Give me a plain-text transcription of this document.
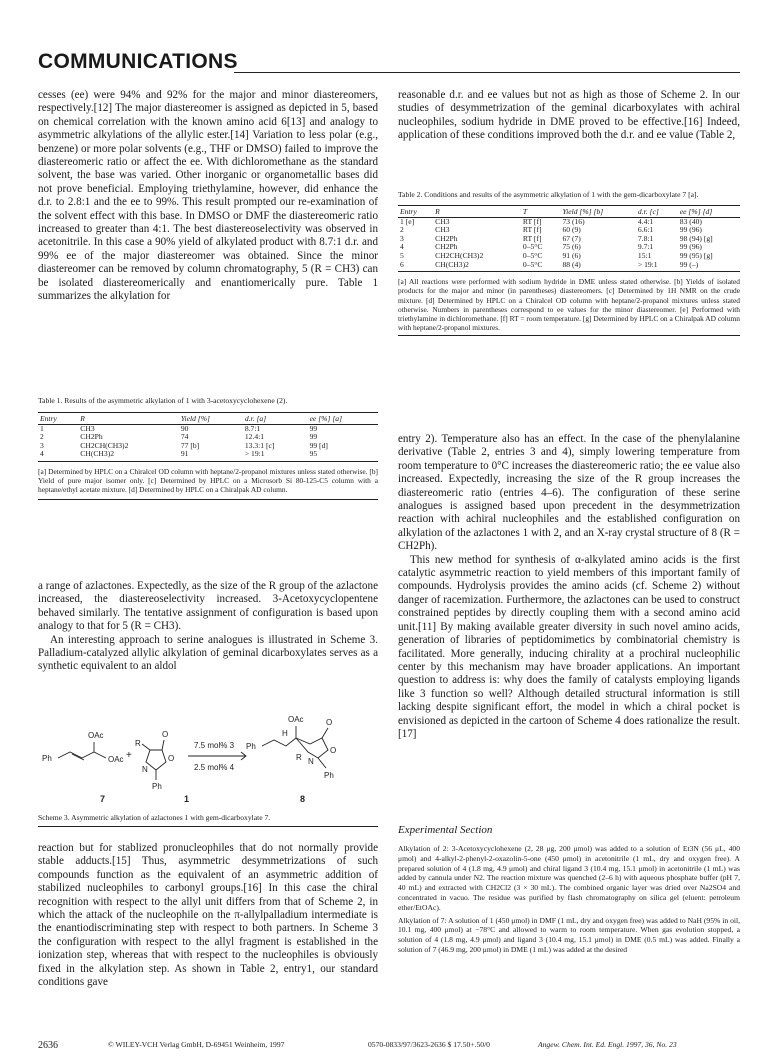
COMMUNICATIONS

cesses (ee) were 94% and 92% for the major and minor diastereomers, respectively.[12] The major diastereomer is assigned as depicted in 5, based on chemical correlation with the known amino acid 6[13] and analogy to asymmetric alkylations of the allylic ester.[14] Variation to less polar (e.g., benzene) or more polar solvents (e.g., THF or DMSO) failed to improve the diastereomeric ratio or affect the ee. With dichloromethane as the standard solvent, the base was varied. Other inorganic or organometallic bases did not prove beneficial. Employing triethylamine, however, did enhance the d.r. to 2.8:1 and the ee to 99%. This result prompted our re-examination of the solvent effect with this base. In DMSO or DMF the diastereomeric ratio increased to greater than 4:1. The best diastereoselectivity was observed in acetonitrile. In this case a 90% yield of alkylated product with 8.7:1 d.r. and 99% ee of the major diastereomer was obtained. Since the minor diastereomer can be removed by column chromatography, 5 (R = CH3) can be isolated diastereomerically and enantiomerically pure. Table 1 summarizes the alkylation for

Table 1. Results of the asymmetric alkylation of 1 with 3-acetoxycyclohexene (2).

Entry	R	Yield [%]	d.r. [a]	ee [%] [a]
1	CH3	90	8.7:1	99
2	CH2Ph	74	12.4:1	99
3	CH2CH(CH3)2	77 [b]	13.3:1 [c]	99 [d]
4	CH(CH3)2	91	> 19:1	95

[a] Determined by HPLC on a Chiralcel OD column with heptane/2-propanol mixtures unless stated otherwise. [b] Yield of pure major isomer only. [c] Determined by HPLC on a Microsorb Si 80-125-C5 column with a heptane/ethyl acetate mixture. [d] Determined by HPLC on a Chiralpak AD column.

a range of azlactones. Expectedly, as the size of the R group of the azlactone increased, the diastereoselectivity increased. 3-Acetoxycyclopentene behaved similarly. The tentative assignment of configuration is based upon analogy to that for 5 (R = CH3).

An interesting approach to serine analogues is illustrated in Scheme 3. Palladium-catalyzed allylic alkylation of geminal dicarboxylates serves as a synthetic equivalent to an aldol

Ph
OAc
OAc +
O
O
R
N
Ph
7.5 mol% 3
2.5 mol% 4
Ph
OAc
H
O
O
R N
Ph
7	1	8

Scheme 3. Asymmetric alkylation of azlactones 1 with gem-dicarboxylate 7.

reaction but for stablized pronucleophiles that do not normally provide stable adducts.[15] Thus, asymmetric desymmetrizations of such compounds function as the equivalent of an asymmetric addition of stabilized nucleophiles to carbonyl groups.[16] In this case the chiral recognition with respect to the allyl unit differs from that of Scheme 2, in which the attack of the nucleophile on the π-allylpalladium intermediate is the enantiodiscriminating step with respect to both partners. In Scheme 3 the configuration with respect to the allyl fragment is established in the ionization step, whereas that with respect to the nucleophiles is obviously fixed in the alkylation step. As shown in Table 2, entry1, our standard conditions gave

reasonable d.r. and ee values but not as high as those of Scheme 2. In our studies of desymmetrization of the geminal dicarboxylates with achiral nucleophiles, sodium hydride in DME proved to be effective.[16] Indeed, application of these conditions improved both the d.r. and ee value (Table 2,

Table 2. Conditions and results of the asymmetric alkylation of 1 with the gem-dicarboxylate 7 [a].

Entry	R	T	Yield [%] [b]	d.r. [c]	ee [%] [d]
1 [e]	CH3	RT [f]	73 (16)	4.4:1	83 (40)
2	CH3	RT [f]	60 (9)	6.6:1	99 (96)
3	CH2Ph	RT [f]	67 (7)	7.8:1	98 (94) [g]
4	CH2Ph	0–5°C	75 (6)	9.7:1	99 (96)
5	CH2CH(CH3)2	0–5°C	91 (6)	15:1	99 (95) [g]
6	CH(CH3)2	0–5°C	88 (4)	> 19:1	99 (–)

[a] All reactions were performed with sodium hydride in DME unless stated otherwise. [b] Yields of isolated products for the major and minor (in parentheses) diastereomers. [c] Determined by 1H NMR on the crude mixture. [d] Determined by HPLC on a Chiralcel OD column with heptane/2-propanol mixtures unless stated otherwise. Numbers in parentheses correspond to ee values for the minor diastereomer. [e] Performed with triethylamine in dichloromethane. [f] RT = room temperature. [g] Determined by HPLC on a Chiralpak AD column with heptane/2-propanol mixtures.

entry 2). Temperature also has an effect. In the case of the phenylalanine derivative (Table 2, entries 3 and 4), simply lowering temperature from room temperature to 0°C increases the diastereomeric ratio; the ee value also increased. Expectedly, increasing the size of the R group increases the diastereomeric ratio (entries 4–6). The configuration of these serine analogues is assigned based upon precedent in the desymmetrization reaction with achiral nucleophiles and the established configuration on alkylation of the azlactones 1 with 2, and an X-ray crystal structure of 8 (R = CH2Ph).

This new method for synthesis of α-alkylated amino acids is the first catalytic asymmetric reaction to yield members of this important family of compounds. Hydrolysis provides the amino acids (cf. Scheme 2) without danger of racemization. Furthermore, the azlactones can be used to construct constrained peptides by directly coupling them with a second amino acid unit.[11] By making available greater diversity in such novel amino acids, generation of libraries of peptidomimetics by combinatorial chemistry is facilitated. More generally, inducing chirality at a prochiral nucleophilic center by this mechanism may have broader applications. An important question to address is: why does the family of catalysts employing ligands like 3 function so well? Although detailed structural information is still lacking despite significant effort, the model in which a chiral pocket is envisioned as depicted in the cartoon of Scheme 4 does rationalize the result.[17]

Experimental Section

Alkylation of 2: 3-Acetoxycyclohexene (2, 28 μg, 200 μmol) was added to a solution of Et3N (56 μL, 400 μmol) and 4-alkyl-2-phenyl-2-oxazolin-5-one (450 μmol) in acetonitrile (1 mL, dry and oxygen free). A prepared solution of 4 (1.8 mg, 4.9 μmol) and chiral ligand 3 (10.4 mg, 15.1 μmol) in acetonitrile (1 mL) was added by cannula under N2. The reaction mixture was quenched (2–6 h) with aqueous phosphate buffer (pH 7, 40 mL) and extracted with CH2Cl2 (3 × 30 mL). The combined organic layer was dried over Na2SO4 and concentrated in vacuo. The residue was purified by flash chromatography on silica gel (eluent: petroleum ether/EtOAc).

Alkylation of 7: A solution of 1 (450 μmol) in DMF (1 mL, dry and oxygen free) was added to NaH (95% in oil, 10.1 mg, 400 μmol) at −78°C and allowed to warm to room temperature. When gas evolution stopped, a solution of 4 (1.8 mg, 4.9 μmol) and ligand 3 (10.4 mg, 15.1 μmol) in DME (0.5 mL) was added. Finally a solution of 7 (46.9 mg, 200 μmol) in DME (1 mL) was added at the desired

2636	© WILEY-VCH Verlag GmbH, D-69451 Weinheim, 1997	0570-0833/97/3623-2636 $ 17.50+.50/0	Angew. Chem. Int. Ed. Engl. 1997, 36, No. 23
